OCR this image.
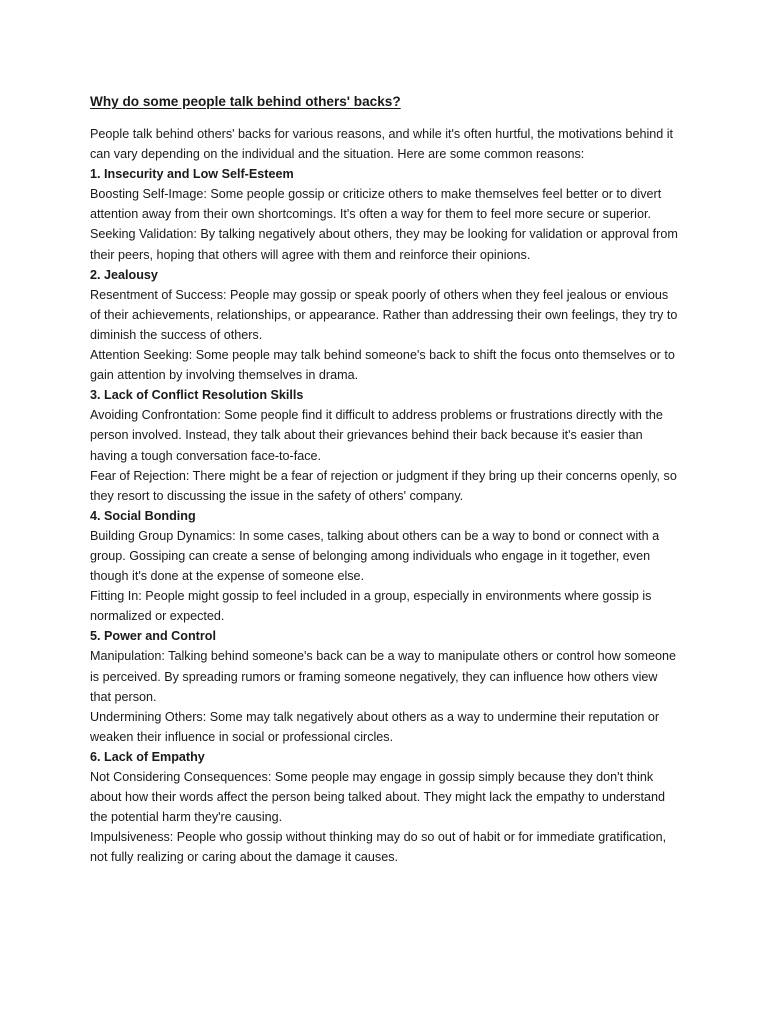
Why do some people talk behind others' backs?

People talk behind others' backs for various reasons, and while it's often hurtful, the motivations behind it can vary depending on the individual and the situation. Here are some common reasons:

1. Insecurity and Low Self-Esteem

Boosting Self-Image: Some people gossip or criticize others to make themselves feel better or to divert attention away from their own shortcomings. It's often a way for them to feel more secure or superior.

Seeking Validation: By talking negatively about others, they may be looking for validation or approval from their peers, hoping that others will agree with them and reinforce their opinions.

2. Jealousy

Resentment of Success: People may gossip or speak poorly of others when they feel jealous or envious of their achievements, relationships, or appearance. Rather than addressing their own feelings, they try to diminish the success of others.

Attention Seeking: Some people may talk behind someone's back to shift the focus onto themselves or to gain attention by involving themselves in drama.

3. Lack of Conflict Resolution Skills

Avoiding Confrontation: Some people find it difficult to address problems or frustrations directly with the person involved. Instead, they talk about their grievances behind their back because it's easier than having a tough conversation face-to-face.

Fear of Rejection: There might be a fear of rejection or judgment if they bring up their concerns openly, so they resort to discussing the issue in the safety of others' company.

4. Social Bonding

Building Group Dynamics: In some cases, talking about others can be a way to bond or connect with a group. Gossiping can create a sense of belonging among individuals who engage in it together, even though it's done at the expense of someone else.

Fitting In: People might gossip to feel included in a group, especially in environments where gossip is normalized or expected.

5. Power and Control

Manipulation: Talking behind someone's back can be a way to manipulate others or control how someone is perceived. By spreading rumors or framing someone negatively, they can influence how others view that person.

Undermining Others: Some may talk negatively about others as a way to undermine their reputation or weaken their influence in social or professional circles.

6. Lack of Empathy

Not Considering Consequences: Some people may engage in gossip simply because they don't think about how their words affect the person being talked about. They might lack the empathy to understand the potential harm they're causing.

Impulsiveness: People who gossip without thinking may do so out of habit or for immediate gratification, not fully realizing or caring about the damage it causes.
